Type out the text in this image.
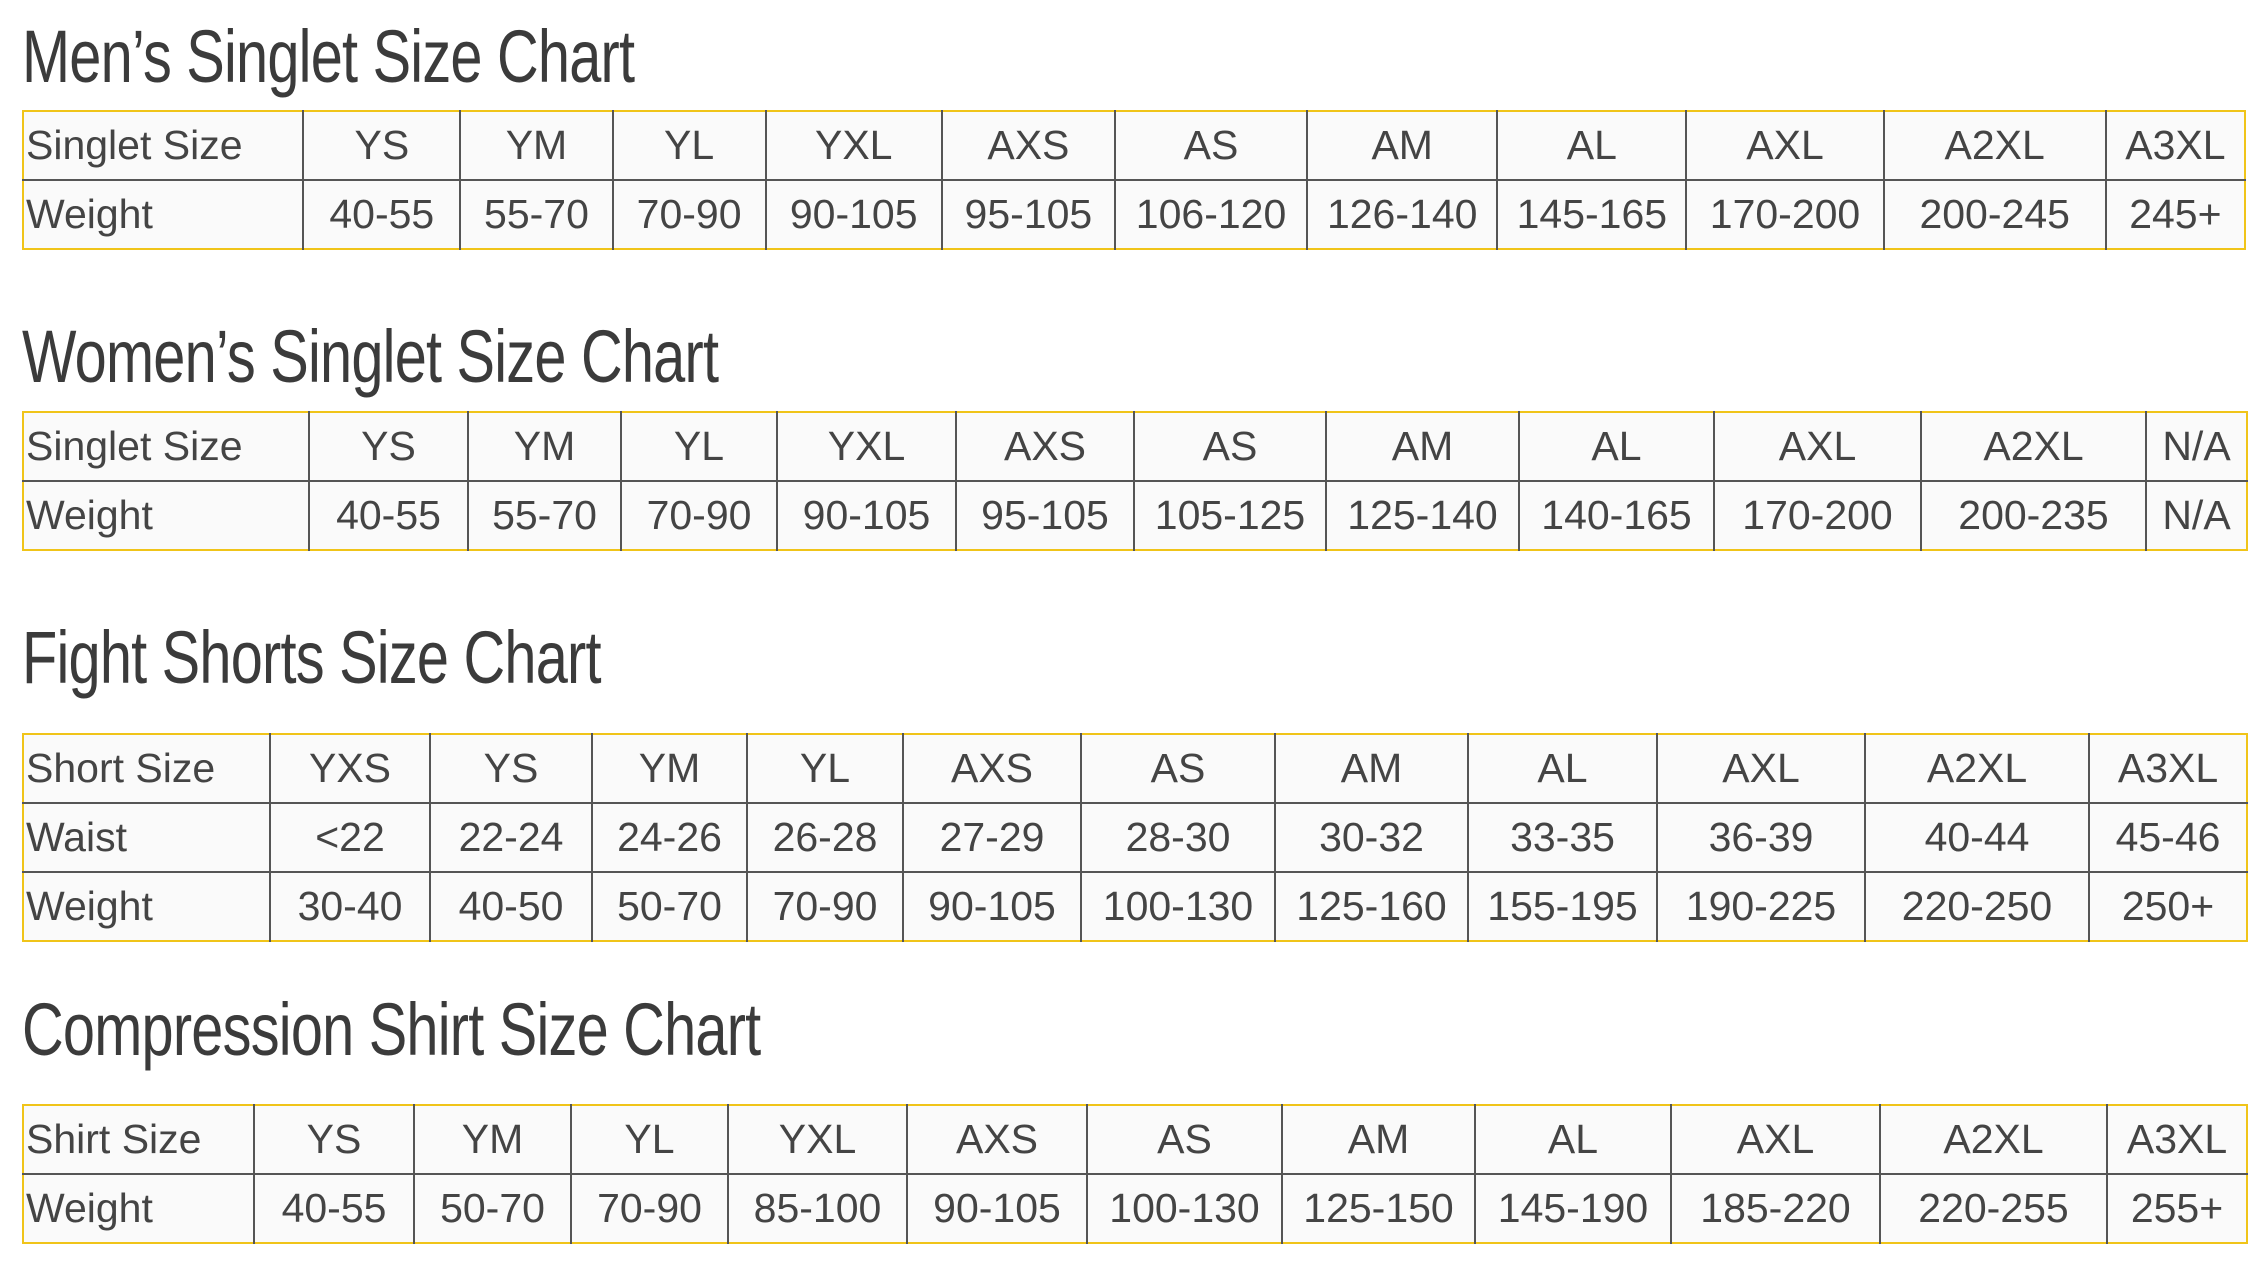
Men’s Singlet Size Chart
Singlet Size	YS	YM	YL	YXL	AXS	AS	AM	AL	AXL	A2XL	A3XL
Weight	40-55	55-70	70-90	90-105	95-105	106-120	126-140	145-165	170-200	200-245	245+
Women’s Singlet Size Chart
Singlet Size	YS	YM	YL	YXL	AXS	AS	AM	AL	AXL	A2XL	N/A
Weight	40-55	55-70	70-90	90-105	95-105	105-125	125-140	140-165	170-200	200-235	N/A
Fight Shorts Size Chart
Short Size	YXS	YS	YM	YL	AXS	AS	AM	AL	AXL	A2XL	A3XL
Waist	<22	22-24	24-26	26-28	27-29	28-30	30-32	33-35	36-39	40-44	45-46
Weight	30-40	40-50	50-70	70-90	90-105	100-130	125-160	155-195	190-225	220-250	250+
Compression Shirt Size Chart
Shirt Size	YS	YM	YL	YXL	AXS	AS	AM	AL	AXL	A2XL	A3XL
Weight	40-55	50-70	70-90	85-100	90-105	100-130	125-150	145-190	185-220	220-255	255+
